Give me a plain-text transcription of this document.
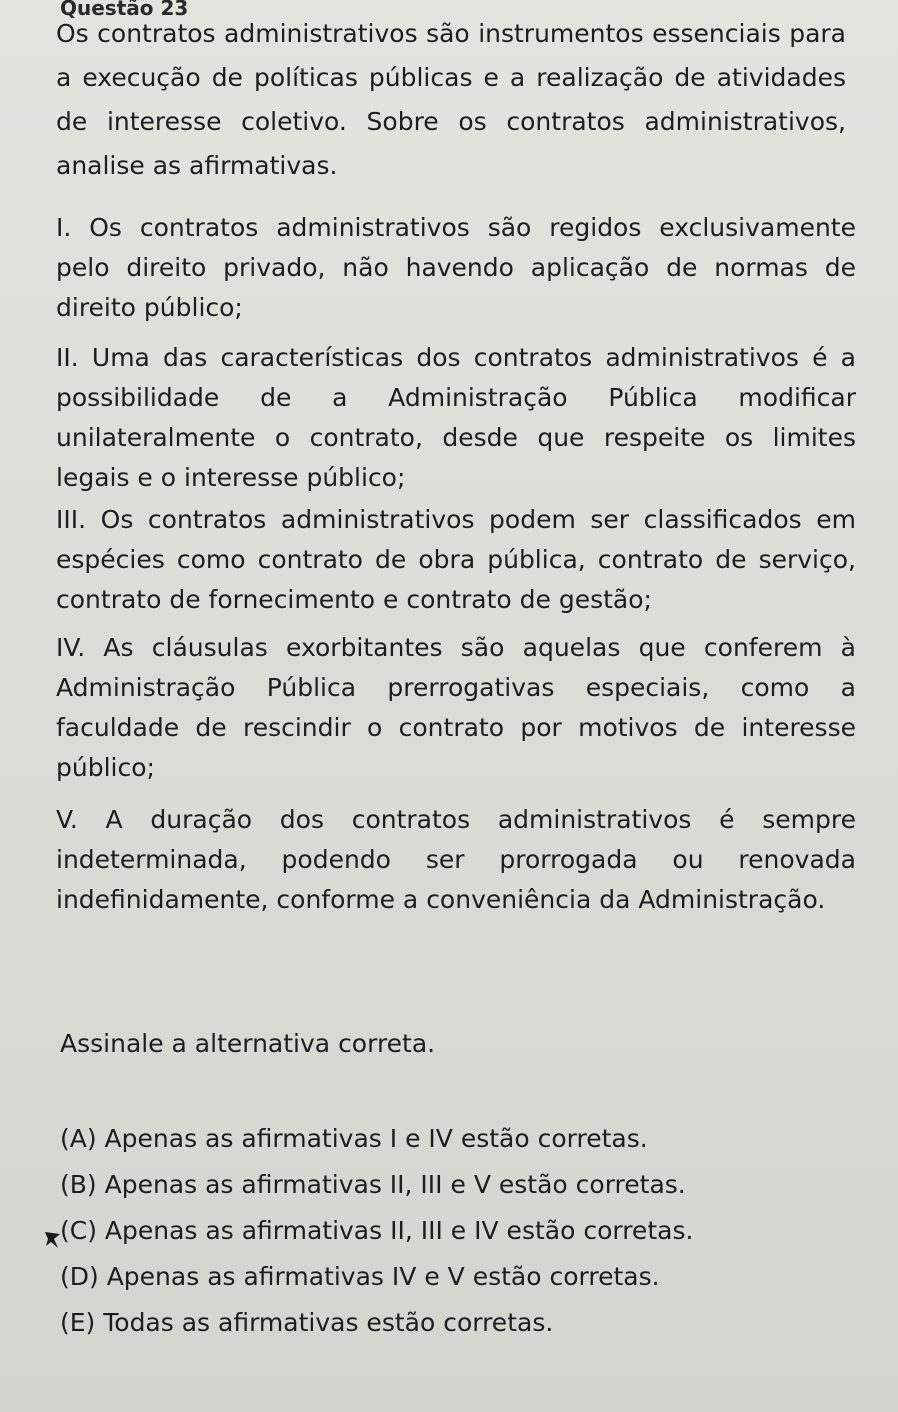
Questão 23
Os contratos administrativos são instrumentos essenciais para a execução de políticas públicas e a realização de atividades de interesse coletivo. Sobre os contratos administrativos, analise as afirmativas.
I. Os contratos administrativos são regidos exclusivamente pelo direito privado, não havendo aplicação de normas de direito público;
II. Uma das características dos contratos administrativos é a possibilidade de a Administração Pública modificar unilateralmente o contrato, desde que respeite os limites legais e o interesse público;
III. Os contratos administrativos podem ser classificados em espécies como contrato de obra pública, contrato de serviço, contrato de fornecimento e contrato de gestão;
IV. As cláusulas exorbitantes são aquelas que conferem à Administração Pública prerrogativas especiais, como a faculdade de rescindir o contrato por motivos de interesse público;
V. A duração dos contratos administrativos é sempre indeterminada, podendo ser prorrogada ou renovada indefinidamente, conforme a conveniência da Administração.
Assinale a alternativa correta.
(A) Apenas as afirmativas I e IV estão corretas.
(B) Apenas as afirmativas II, III e V estão corretas.
(C) Apenas as afirmativas II, III e IV estão corretas.
(D) Apenas as afirmativas IV e V estão corretas.
(E) Todas as afirmativas estão corretas.
